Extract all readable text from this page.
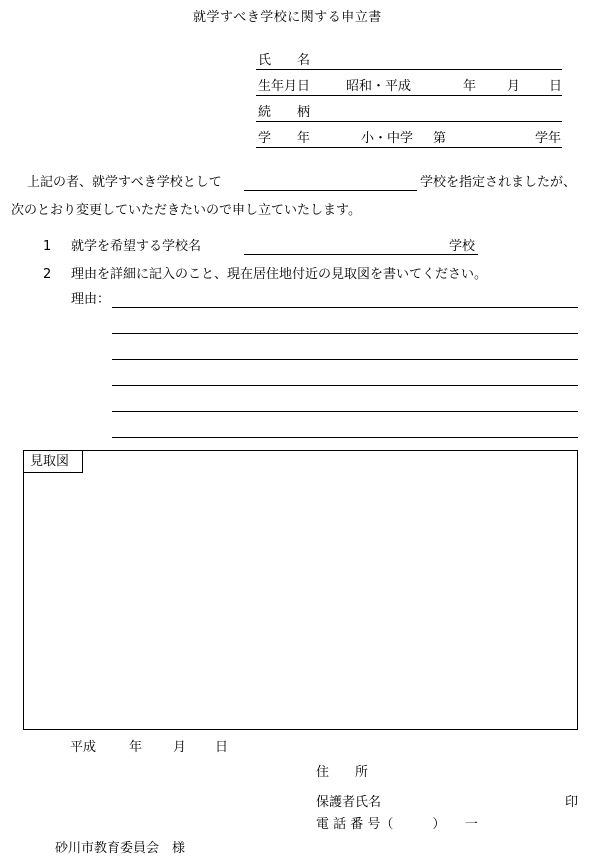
就学すべき学校に関する申立書
氏　　名
生年月日	昭和・平成	年 月 日
続　　柄
学　　年	小・中学 第	学年
上記の者、就学すべき学校として	学校を指定されましたが、
次のとおり変更していただきたいので申し立ていたします。
1 就学を希望する学校名	学校
2 理由を詳細に記入のこと、現在居住地付近の見取図を書いてください。
理由：
見取図
平成	年 月 日
住　　所
保護者氏名	印
電 話 番 号（　　　）　　一
砂川市教育委員会　様
